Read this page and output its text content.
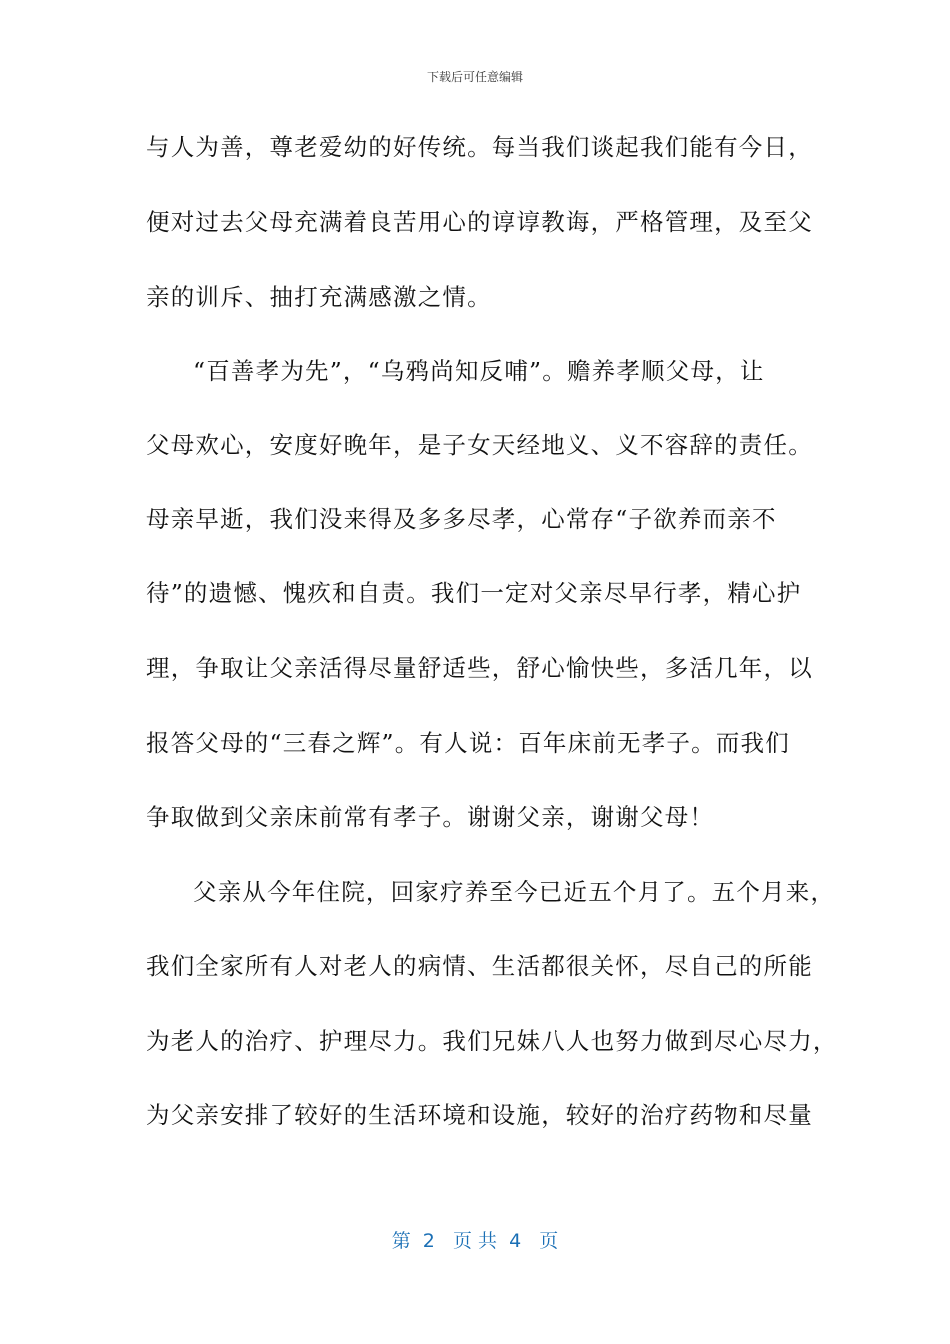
下载后可任意编辑
与人为善，尊老爱幼的好传统。每当我们谈起我们能有今日，
便对过去父母充满着良苦用心的谆谆教诲，严格管理，及至父
亲的训斥、抽打充满感激之情。
“百善孝为先”，“乌鸦尚知反哺”。赡养孝顺父母，让
父母欢心，安度好晚年，是子女天经地义、义不容辞的责任。
母亲早逝，我们没来得及多多尽孝，心常存“子欲养而亲不
待”的遗憾、愧疚和自责。我们一定对父亲尽早行孝，精心护
理，争取让父亲活得尽量舒适些，舒心愉快些，多活几年，以
报答父母的“三春之辉”。有人说：百年床前无孝子。而我们
争取做到父亲床前常有孝子。谢谢父亲，谢谢父母！
父亲从今年住院，回家疗养至今已近五个月了。五个月来，
我们全家所有人对老人的病情、生活都很关怀，尽自己的所能
为老人的治疗、护理尽力。我们兄妹八人也努力做到尽心尽力，
为父亲安排了较好的生活环境和设施，较好的治疗药物和尽量
第  2   页 共  4   页
